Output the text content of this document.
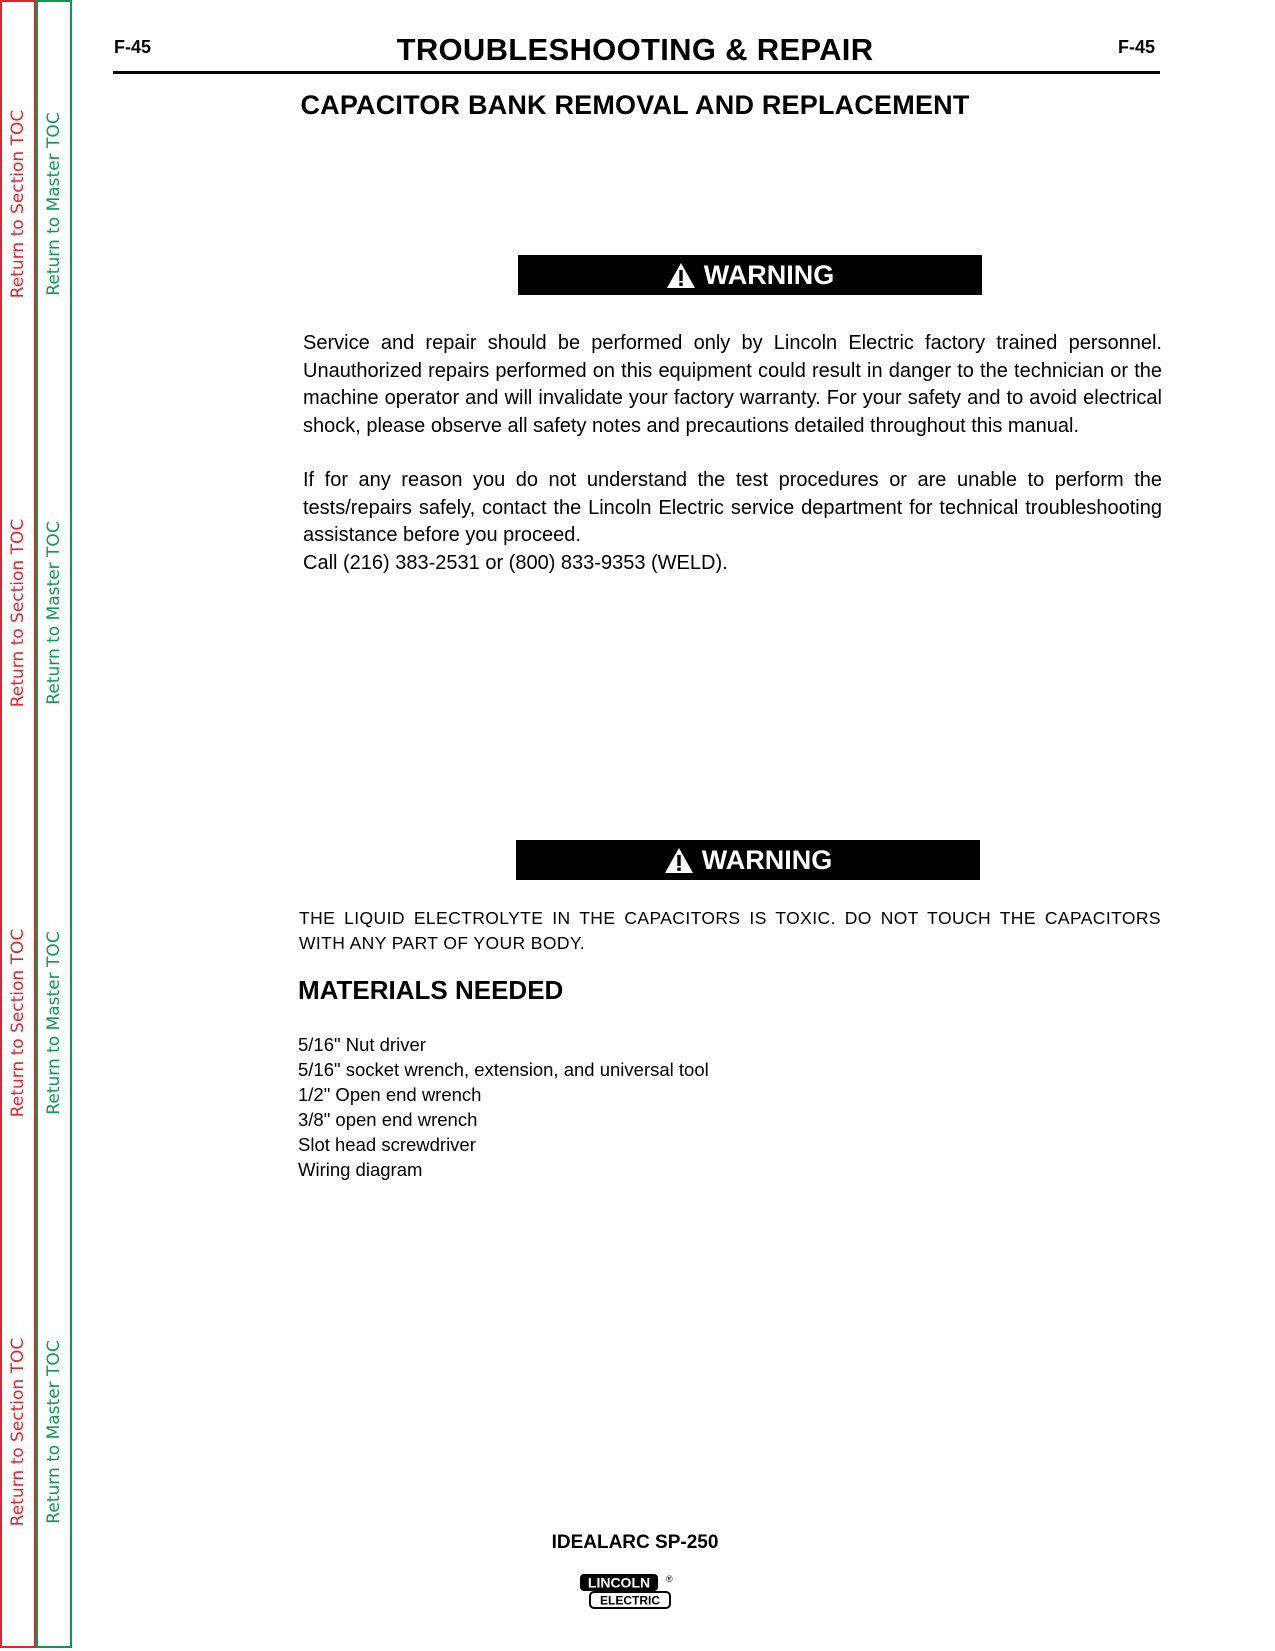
Return to Section TOC
Return to Section TOC
Return to Section TOC
Return to Section TOC
Return to Master TOC
Return to Master TOC
Return to Master TOC
Return to Master TOC
F-45	TROUBLESHOOTING & REPAIR	F-45
CAPACITOR BANK REMOVAL AND REPLACEMENT
WARNING

Service and repair should be performed only by Lincoln Electric factory trained personnel. Unauthorized repairs performed on this equipment could result in danger to the technician or the machine operator and will invalidate your factory warranty. For your safety and to avoid electrical shock, please observe all safety notes and precautions detailed throughout this manual.

If for any reason you do not understand the test procedures or are unable to perform the tests/repairs safely, contact the Lincoln Electric service department for technical troubleshooting assistance before you proceed.

Call (216) 383-2531 or (800) 833-9353 (WELD).

WARNING

THE LIQUID ELECTROLYTE IN THE CAPACITORS IS TOXIC. DO NOT TOUCH THE CAPACITORS WITH ANY PART OF YOUR BODY.

MATERIALS NEEDED
5/16" Nut driver
5/16" socket wrench, extension, and universal tool
1/2" Open end wrench
3/8" open end wrench
Slot head screwdriver
Wiring diagram
IDEALARC SP-250
LINCOLN ®
ELECTRIC
